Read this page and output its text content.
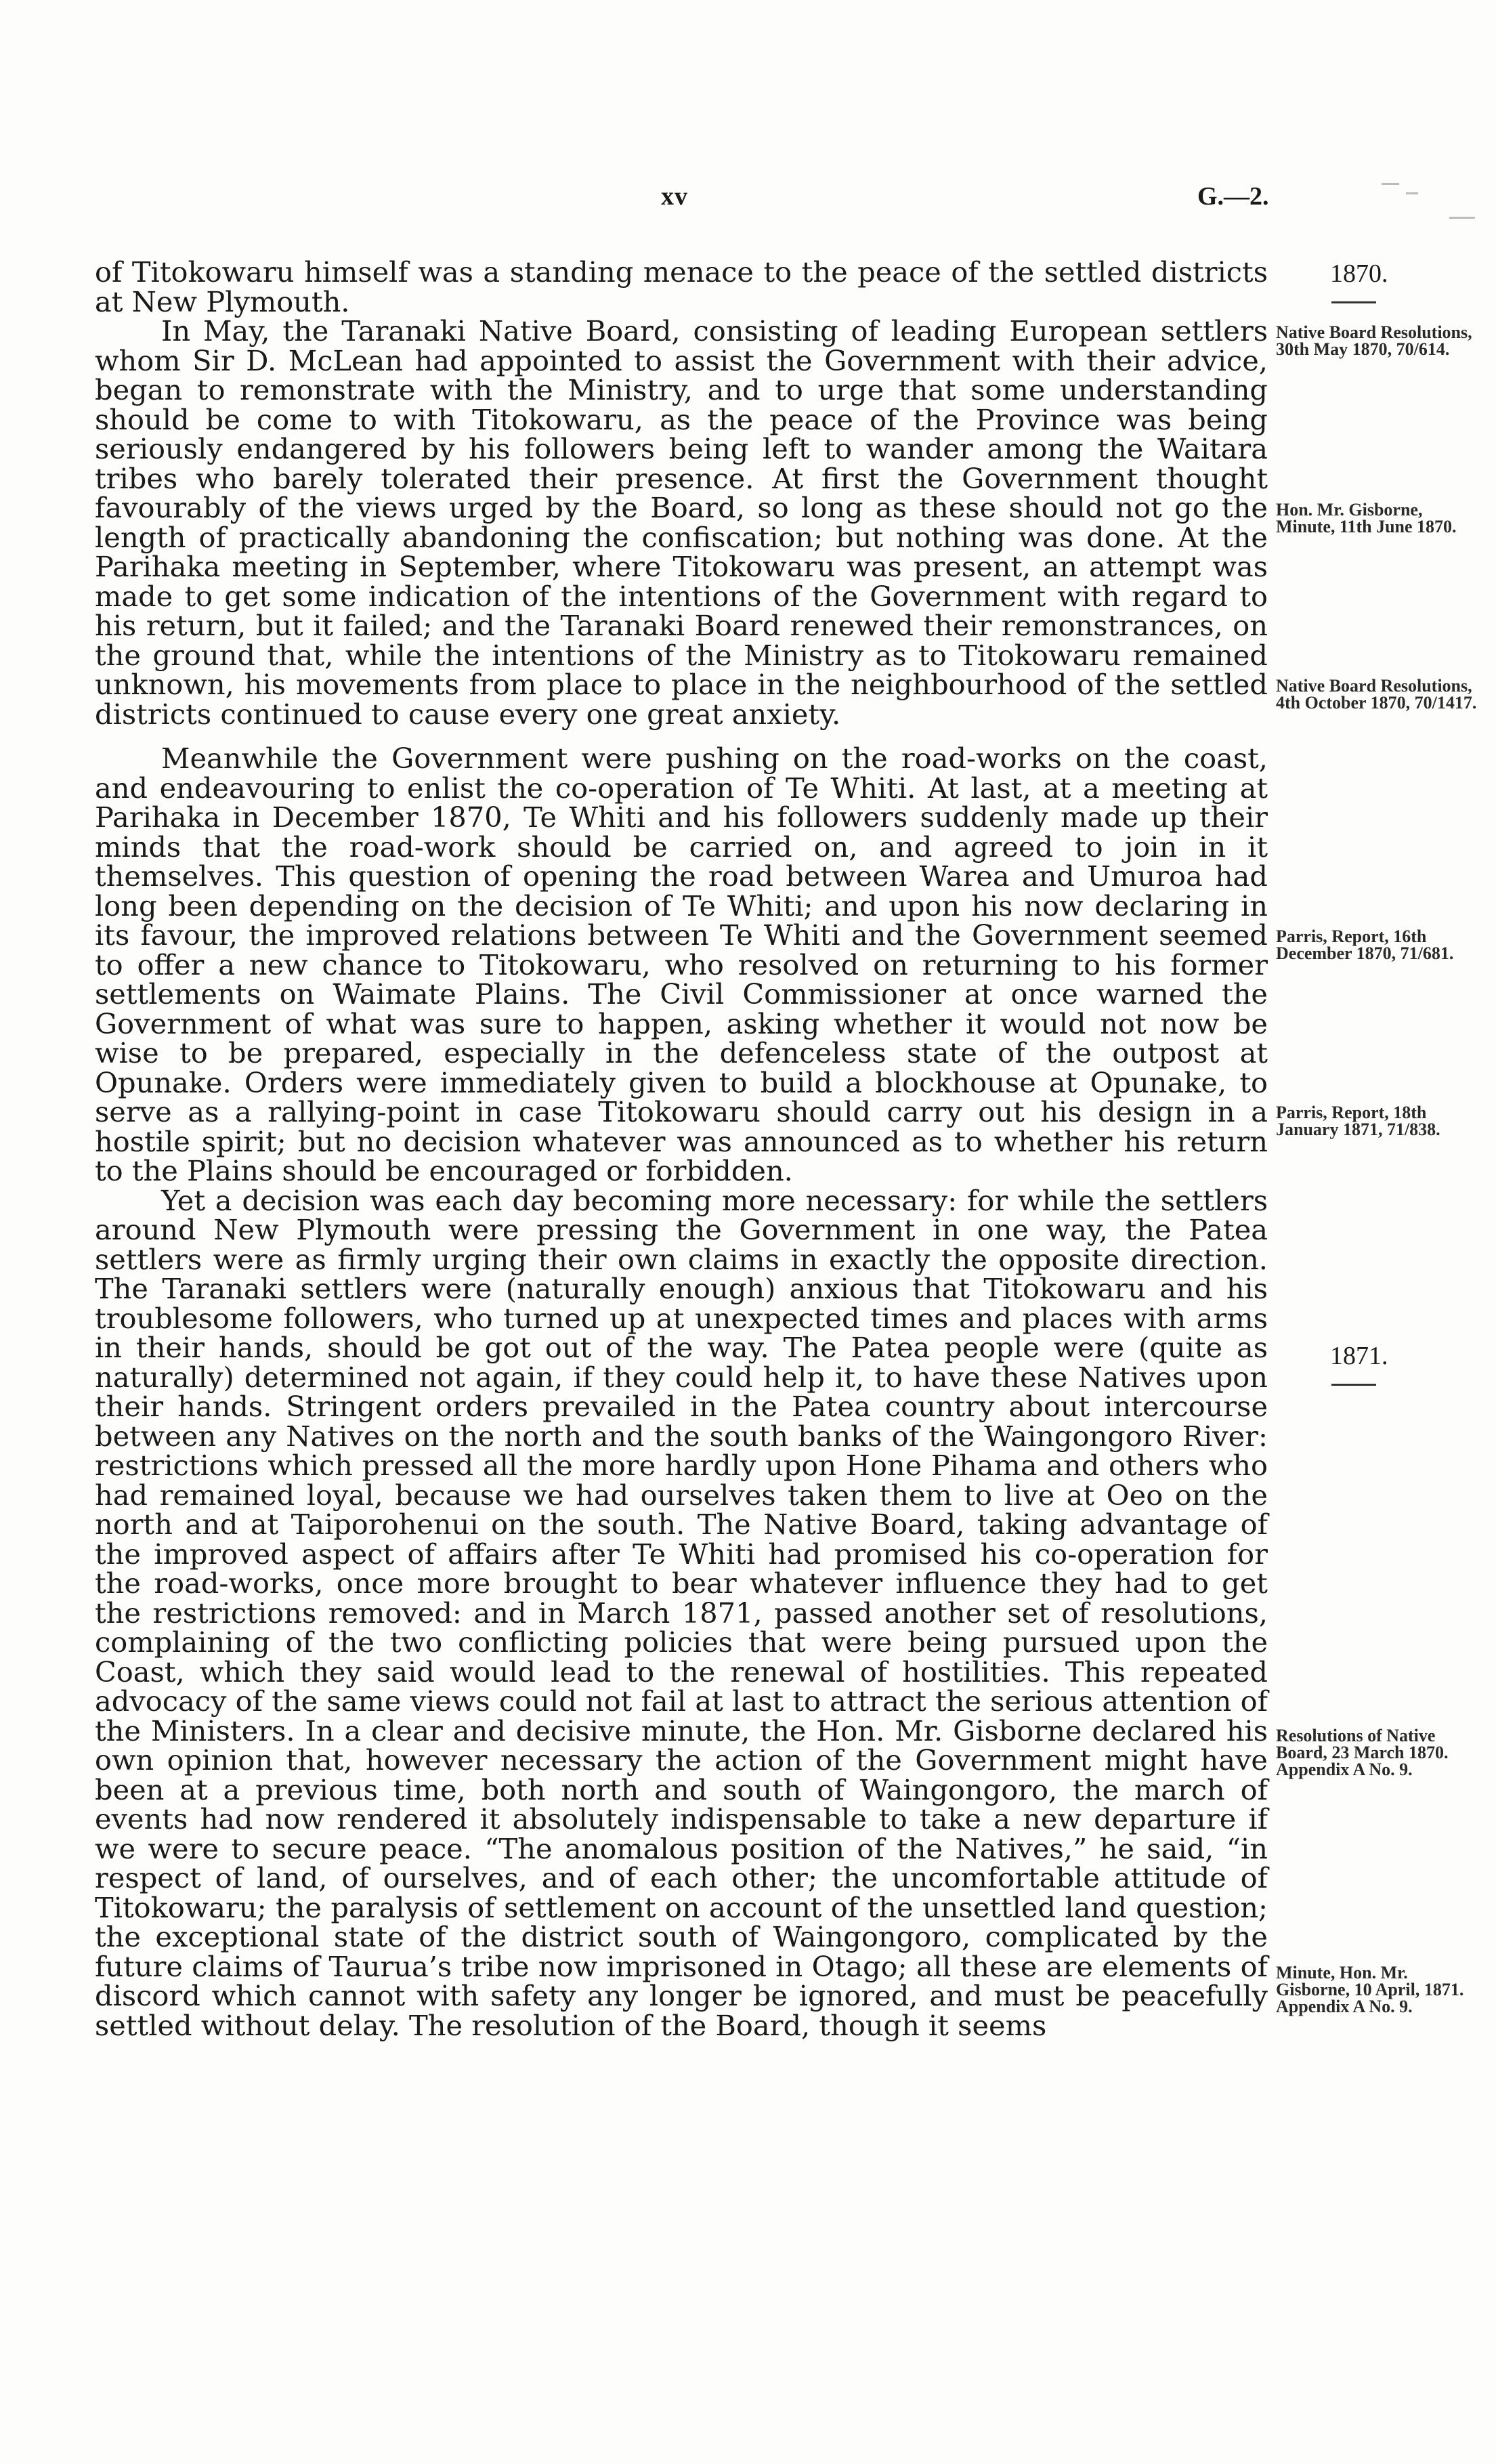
xv	G.—2.

of Titokowaru himself was a standing menace to the peace of the settled districts at New Plymouth.

In May, the Taranaki Native Board, consisting of leading European settlers whom Sir D. McLean had appointed to assist the Government with their advice, began to remonstrate with the Ministry, and to urge that some understanding should be come to with Titokowaru, as the peace of the Province was being seriously endangered by his followers being left to wander among the Waitara tribes who barely tolerated their presence. At first the Government thought favourably of the views urged by the Board, so long as these should not go the length of practically abandoning the confiscation; but nothing was done. At the Parihaka meeting in September, where Titokowaru was present, an attempt was made to get some indication of the intentions of the Government with regard to his return, but it failed; and the Taranaki Board renewed their remonstrances, on the ground that, while the intentions of the Ministry as to Titokowaru remained unknown, his movements from place to place in the neighbourhood of the settled districts continued to cause every one great anxiety.

Meanwhile the Government were pushing on the road-works on the coast, and endeavouring to enlist the co-operation of Te Whiti. At last, at a meeting at Parihaka in December 1870, Te Whiti and his followers suddenly made up their minds that the road-work should be carried on, and agreed to join in it themselves. This question of opening the road between Warea and Umuroa had long been depending on the decision of Te Whiti; and upon his now declaring in its favour, the improved relations between Te Whiti and the Government seemed to offer a new chance to Titokowaru, who resolved on returning to his former settlements on Waimate Plains. The Civil Commissioner at once warned the Government of what was sure to happen, asking whether it would not now be wise to be prepared, especially in the defenceless state of the outpost at Opunake. Orders were immediately given to build a blockhouse at Opunake, to serve as a rallying-point in case Titokowaru should carry out his design in a hostile spirit; but no decision whatever was announced as to whether his return to the Plains should be encouraged or forbidden.

Yet a decision was each day becoming more necessary: for while the settlers around New Plymouth were pressing the Government in one way, the Patea settlers were as firmly urging their own claims in exactly the opposite direction. The Taranaki settlers were (naturally enough) anxious that Titokowaru and his troublesome followers, who turned up at unexpected times and places with arms in their hands, should be got out of the way. The Patea people were (quite as naturally) determined not again, if they could help it, to have these Natives upon their hands. Stringent orders prevailed in the Patea country about intercourse between any Natives on the north and the south banks of the Waingongoro River: restrictions which pressed all the more hardly upon Hone Pihama and others who had remained loyal, because we had ourselves taken them to live at Oeo on the north and at Taiporohenui on the south. The Native Board, taking advantage of the improved aspect of affairs after Te Whiti had promised his co-operation for the road-works, once more brought to bear whatever influence they had to get the restrictions removed: and in March 1871, passed another set of resolutions, complaining of the two conflicting policies that were being pursued upon the Coast, which they said would lead to the renewal of hostilities. This repeated advocacy of the same views could not fail at last to attract the serious attention of the Ministers. In a clear and decisive minute, the Hon. Mr. Gisborne declared his own opinion that, however necessary the action of the Government might have been at a previous time, both north and south of Waingongoro, the march of events had now rendered it absolutely indispensable to take a new departure if we were to secure peace. “The anomalous position of the Natives,” he said, “in respect of land, of ourselves, and of each other; the uncomfortable attitude of Titokowaru; the paralysis of settlement on account of the unsettled land question; the exceptional state of the district south of Waingongoro, complicated by the future claims of Taurua’s tribe now imprisoned in Otago; all these are elements of discord which cannot with safety any longer be ignored, and must be peacefully settled without delay. The resolution of the Board, though it seems

1870.
Native Board Resolutions, 30th May 1870, 70/614.
Hon. Mr. Gisborne, Minute, 11th June 1870.
Native Board Resolutions, 4th October 1870, 70/1417.
Parris, Report, 16th December 1870, 71/681.
Parris, Report, 18th January 1871, 71/838.
1871.
Resolutions of Native Board, 23 March 1870. Appendix A No. 9.
Minute, Hon. Mr. Gisborne, 10 April, 1871. Appendix A No. 9.
